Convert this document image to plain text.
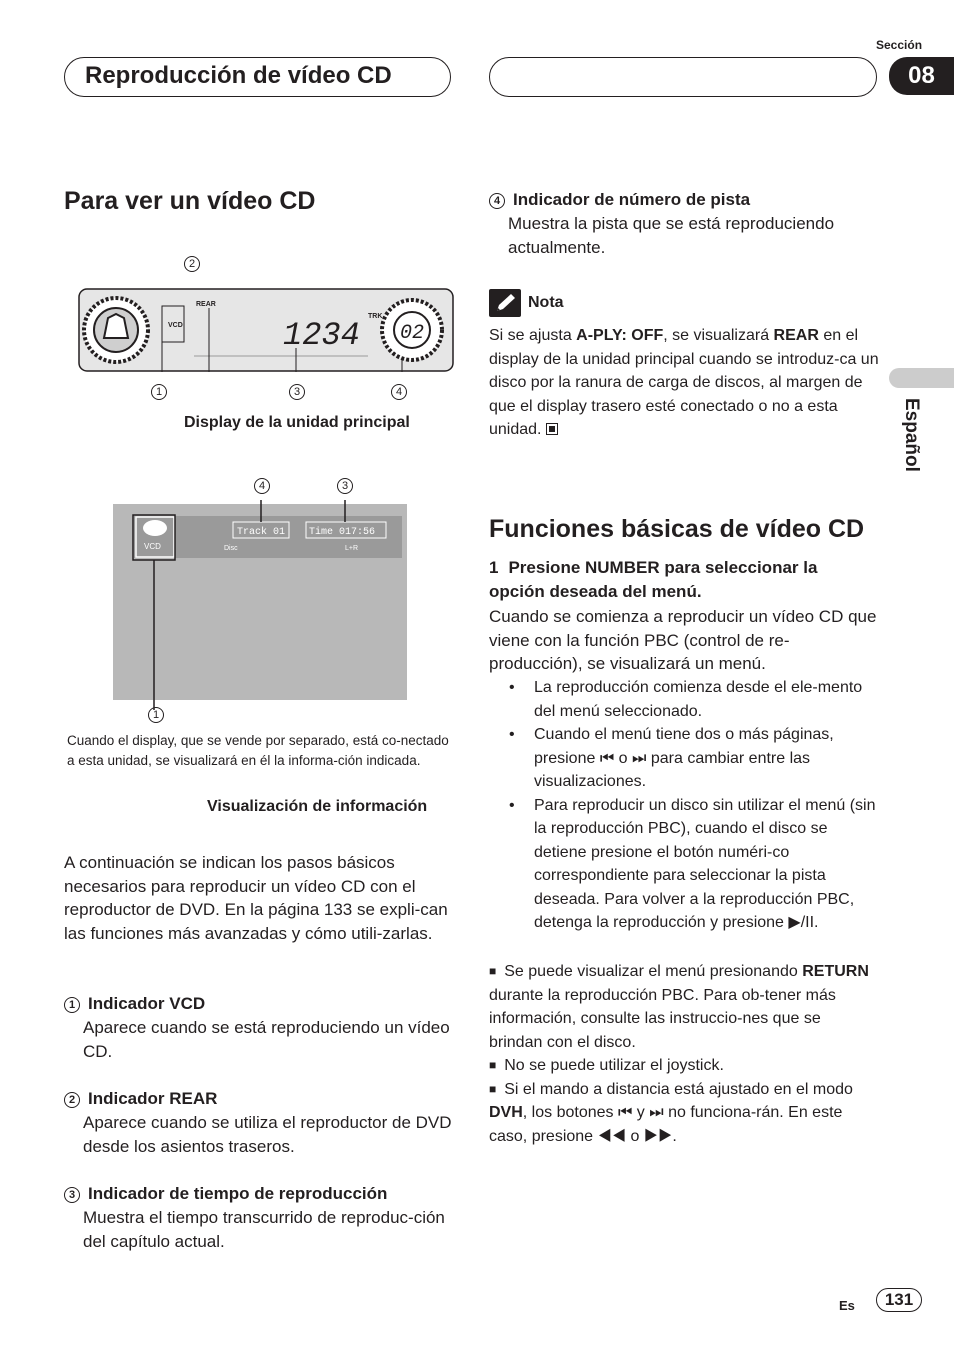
Reproducción de vídeo CD
Sección
08
Español
Para ver un vídeo CD
2
VCD
REAR
1234
TRK
02
1	3	4
Display de la unidad principal
4	3
VCD
Track 01 Time 017:56
Disc	L+R
1
Cuando el display, que se vende por separado, está co-nectado a esta unidad, se visualizará en él la informa-ción indicada.
Visualización de información
A continuación se indican los pasos básicos necesarios para reproducir un vídeo CD con el reproductor de DVD. En la página 133 se expli-can las funciones más avanzadas y cómo utili-zarlas.
1 Indicador VCD
Aparece cuando se está reproduciendo un vídeo CD.
2 Indicador REAR
Aparece cuando se utiliza el reproductor de DVD desde los asientos traseros.
3 Indicador de tiempo de reproducción
Muestra el tiempo transcurrido de reproduc-ción del capítulo actual.
4 Indicador de número de pista
Muestra la pista que se está reproduciendo actualmente.
Nota
Si se ajusta A-PLY: OFF, se visualizará REAR en el display de la unidad principal cuando se introduz-ca un disco por la ranura de carga de discos, al margen de que el display trasero esté conectado o no a esta unidad.
Funciones básicas de vídeo CD
1 Presione NUMBER para seleccionar la opción deseada del menú.
Cuando se comienza a reproducir un vídeo CD que viene con la función PBC (control de re-producción), se visualizará un menú.
• La reproducción comienza desde el ele-mento del menú seleccionado.
• Cuando el menú tiene dos o más páginas, presione ⏮ o ⏭ para cambiar entre las visualizaciones.
• Para reproducir un disco sin utilizar el menú (sin la reproducción PBC), cuando el disco se detiene presione el botón numéri-co correspondiente para seleccionar la pista deseada. Para volver a la reproducción PBC, detenga la reproducción y presione ▶/II.
■ Se puede visualizar el menú presionando RETURN durante la reproducción PBC. Para ob-tener más información, consulte las instruccio-nes que se brindan con el disco.
■ No se puede utilizar el joystick.
■ Si el mando a distancia está ajustado en el modo DVH, los botones ⏮ y ⏭ no funciona-rán. En este caso, presione ◀◀ o ▶▶.
Es	131
